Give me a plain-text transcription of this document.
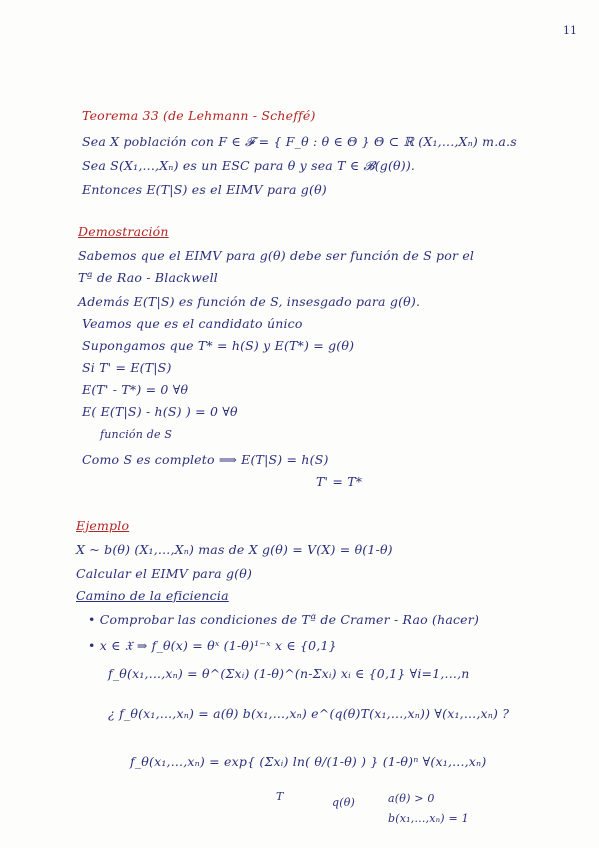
11
Teorema 33 (de Lehmann - Scheffé)
Sea X población con F ∈ 𝓕 = { F_θ : θ ∈ Θ } Θ ⊂ ℝ (X₁,...,Xₙ) m.a.s
Sea S(X₁,...,Xₙ) es un ESC para θ y sea T ∈ 𝓑(g(θ)).
Entonces E(T|S) es el EIMV para g(θ)
Demostración
Sabemos que el EIMV para g(θ) debe ser función de S por el
Tª de Rao - Blackwell
Además E(T|S) es función de S, insesgado para g(θ).
Veamos que es el candidato único
Supongamos que T* = h(S) y E(T*) = g(θ)
Si T' = E(T|S)
E(T' - T*) = 0 ∀θ
E( E(T|S) - h(S) ) = 0 ∀θ
función de S
Como S es completo ⟹ E(T|S) = h(S)
T' = T*
Ejemplo
X ~ b(θ) (X₁,...,Xₙ) mas de X g(θ) = V(X) = θ(1-θ)
Calcular el EIMV para g(θ)
Camino de la eficiencia
• Comprobar las condiciones de Tª de Cramer - Rao (hacer)
• x ∈ 𝔛 ⇒ f_θ(x) = θˣ (1-θ)¹⁻ˣ x ∈ {0,1}
f_θ(x₁,...,xₙ) = θ^(Σxᵢ) (1-θ)^(n-Σxᵢ) xᵢ ∈ {0,1} ∀i=1,...,n
¿ f_θ(x₁,...,xₙ) = a(θ) b(x₁,...,xₙ) e^(q(θ)T(x₁,...,xₙ)) ∀(x₁,...,xₙ) ?
f_θ(x₁,...,xₙ) = exp{ (Σxᵢ) ln( θ/(1-θ) ) } (1-θ)ⁿ ∀(x₁,...,xₙ)
T	q(θ)	a(θ) > 0
b(x₁,...,xₙ) = 1
